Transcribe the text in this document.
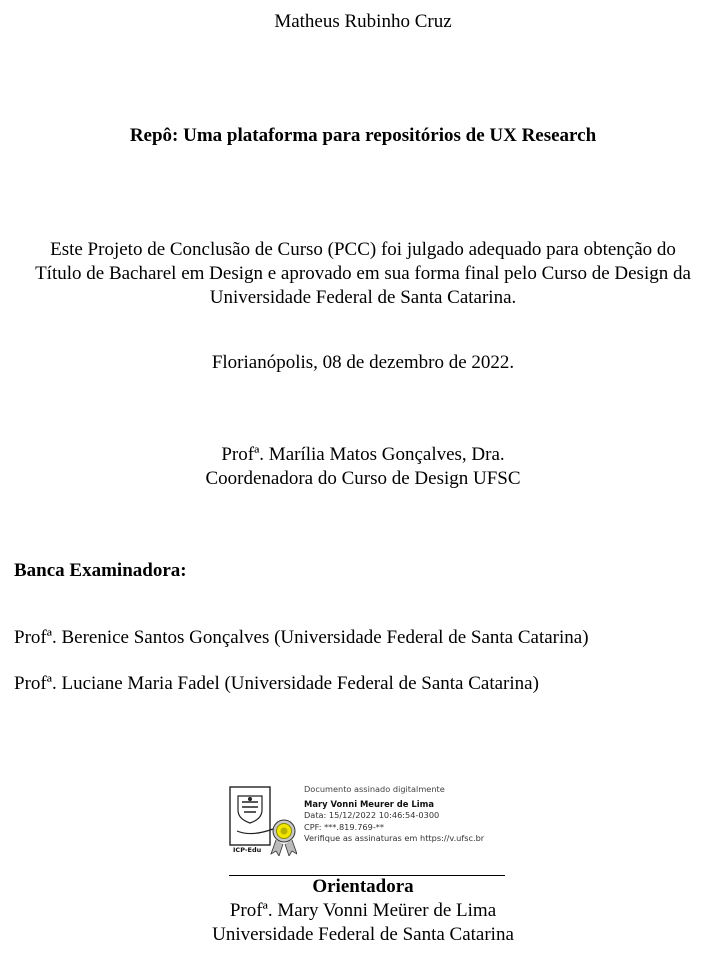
Matheus Rubinho Cruz
Repô: Uma plataforma para repositórios de UX Research
Este Projeto de Conclusão de Curso (PCC) foi julgado adequado para obtenção do
Título de Bacharel em Design e aprovado em sua forma final pelo Curso de Design da
Universidade Federal de Santa Catarina.
Florianópolis, 08 de dezembro de 2022.
Profª. Marília Matos Gonçalves, Dra.
Coordenadora do Curso de Design UFSC
Banca Examinadora:
Profª. Berenice Santos Gonçalves (Universidade Federal de Santa Catarina)
Profª. Luciane Maria Fadel (Universidade Federal de Santa Catarina)
ICP-Edu
Documento assinado digitalmente
Mary Vonni Meurer de Lima
Data: 15/12/2022 10:46:54-0300
CPF: ***.819.769-**
Verifique as assinaturas em https://v.ufsc.br
Orientadora
Profª. Mary Vonni Meürer de Lima
Universidade Federal de Santa Catarina
